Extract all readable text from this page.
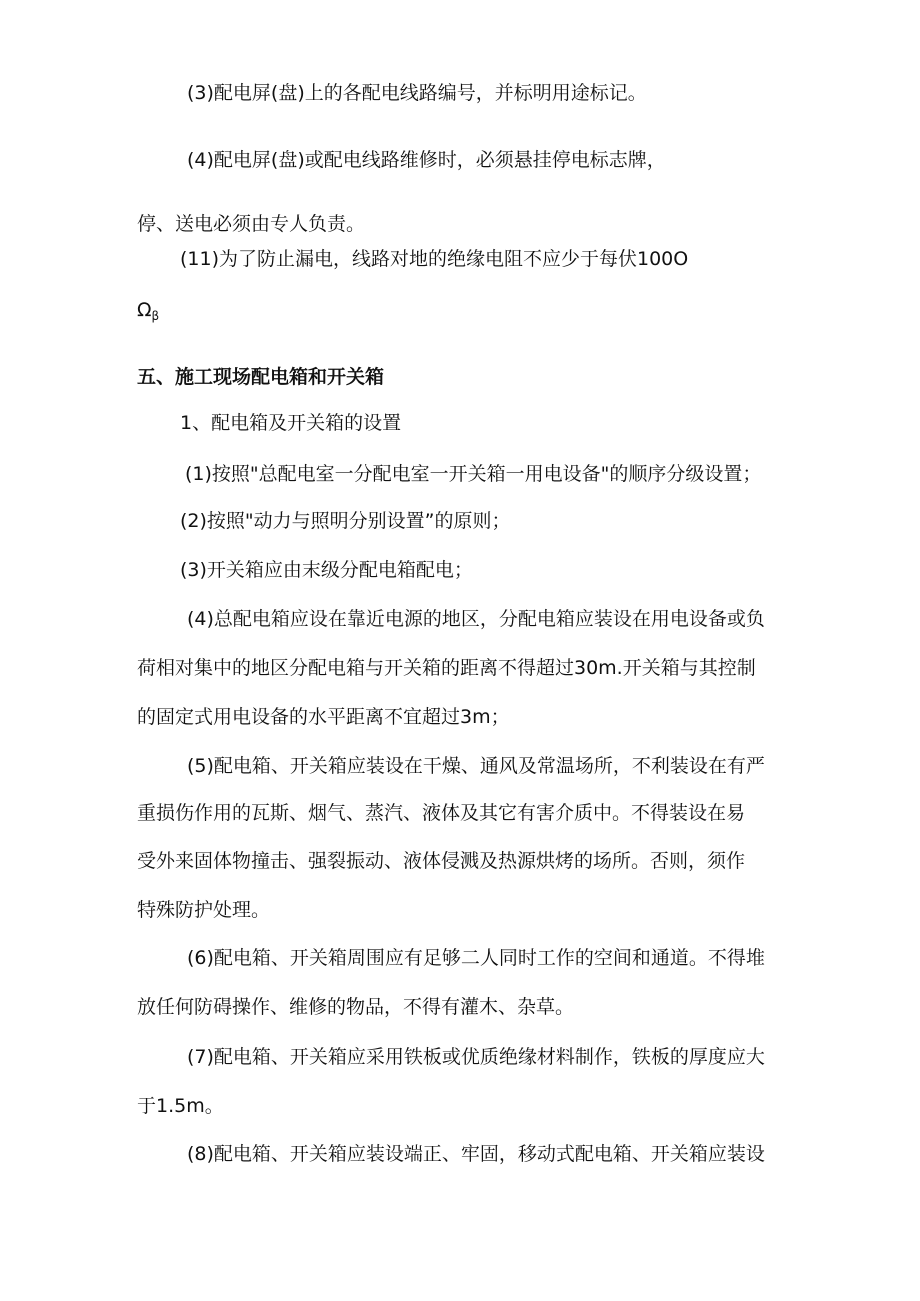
(3)配电屏(盘)上的各配电线路编号，并标明用途标记。
(4)配电屏(盘)或配电线路维修时，必须悬挂停电标志牌，
停、送电必须由专人负责。
(11)为了防止漏电，线路对地的绝缘电阻不应少于每伏100O
$\Omega_\beta$
五、施工现场配电箱和开关箱
1、配电箱及开关箱的设置
(1)按照"总配电室一分配电室一开关箱一用电设备"的顺序分级设置；
(2)按照"动力与照明分别设置”的原则；
(3)开关箱应由末级分配电箱配电；
(4)总配电箱应设在靠近电源的地区，分配电箱应装设在用电设备或负
荷相对集中的地区分配电箱与开关箱的距离不得超过30m.开关箱与其控制
的固定式用电设备的水平距离不宜超过3m；
(5)配电箱、开关箱应装设在干燥、通风及常温场所，不利装设在有严
重损伤作用的瓦斯、烟气、蒸汽、液体及其它有害介质中。不得装设在易
受外来固体物撞击、强裂振动、液体侵溅及热源烘烤的场所。否则，须作
特殊防护处理。
(6)配电箱、开关箱周围应有足够二人同时工作的空间和通道。不得堆
放任何防碍操作、维修的物品，不得有灌木、杂草。
(7)配电箱、开关箱应采用铁板或优质绝缘材料制作，铁板的厚度应大
于1.5m。
(8)配电箱、开关箱应装设端正、牢固，移动式配电箱、开关箱应装设
